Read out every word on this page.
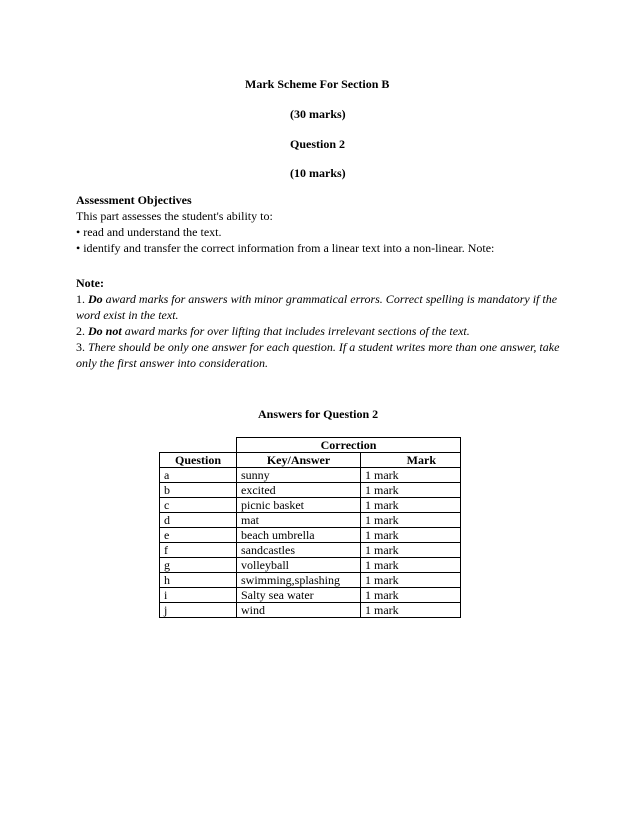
Mark Scheme For Section B
(30 marks)
Question 2
(10 marks)

Assessment Objectives

This part assesses the student's ability to:

• read and understand the text.

• identify and transfer the correct information from a linear text into a non-linear. Note:

Note:

1. Do award marks for answers with minor grammatical errors. Correct spelling is mandatory if the word exist in the text.

2. Do not award marks for over lifting that includes irrelevant sections of the text.

3. There should be only one answer for each question. If a student writes more than one answer, take only the first answer into consideration.

Answers for Question 2
	Correction	
Question	Key/Answer	Mark
a	sunny	1 mark
b	excited	1 mark
c	picnic basket	1 mark
d	mat	1 mark
e	beach umbrella	1 mark
f	sandcastles	1 mark
g	volleyball	1 mark
h	swimming,splashing	1 mark
i	Salty sea water	1 mark
j	wind	1 mark
